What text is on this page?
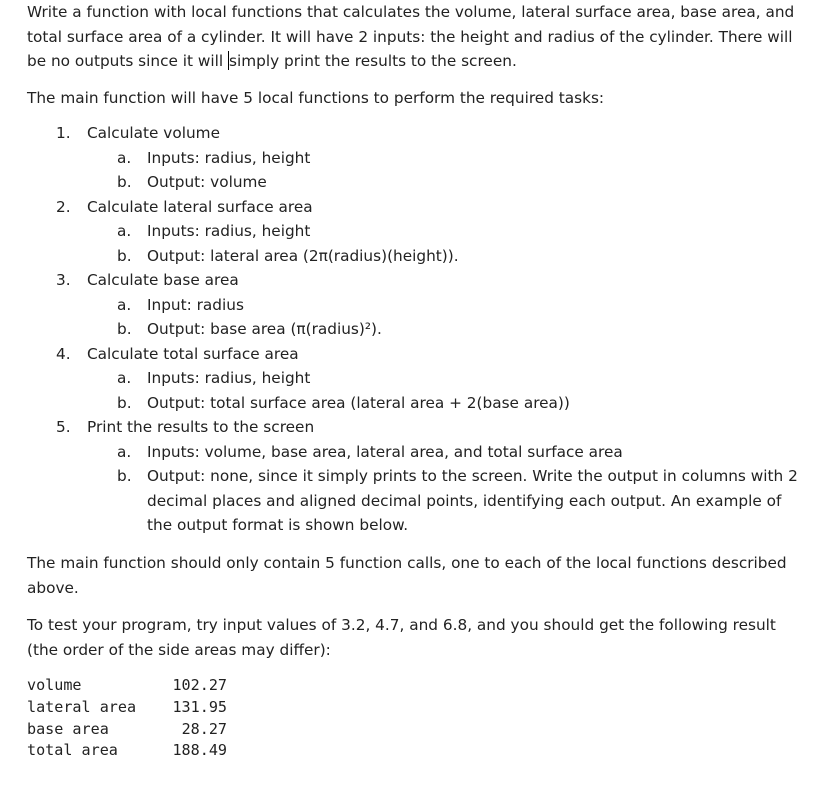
Write a function with local functions that calculates the volume, lateral surface area, base area, and total surface area of a cylinder. It will have 2 inputs: the height and radius of the cylinder. There will be no outputs since it will simply print the results to the screen.

The main function will have 5 local functions to perform the required tasks:

1. Calculate volume
a. Inputs: radius, height
b. Output: volume
2. Calculate lateral surface area
a. Inputs: radius, height
b. Output: lateral area (2π(radius)(height)).
3. Calculate base area
a. Input: radius
b. Output: base area (π(radius)²).
4. Calculate total surface area
a. Inputs: radius, height
b. Output: total surface area (lateral area + 2(base area))
5. Print the results to the screen
a. Inputs: volume, base area, lateral area, and total surface area
b. Output: none, since it simply prints to the screen. Write the output in columns with 2 decimal places and aligned decimal points, identifying each output. An example of the output format is shown below.

The main function should only contain 5 function calls, one to each of the local functions described above.

To test your program, try input values of 3.2, 4.7, and 6.8, and you should get the following result (the order of the side areas may differ):

volume	102.27
lateral area	131.95
base area	28.27
total area	188.49
